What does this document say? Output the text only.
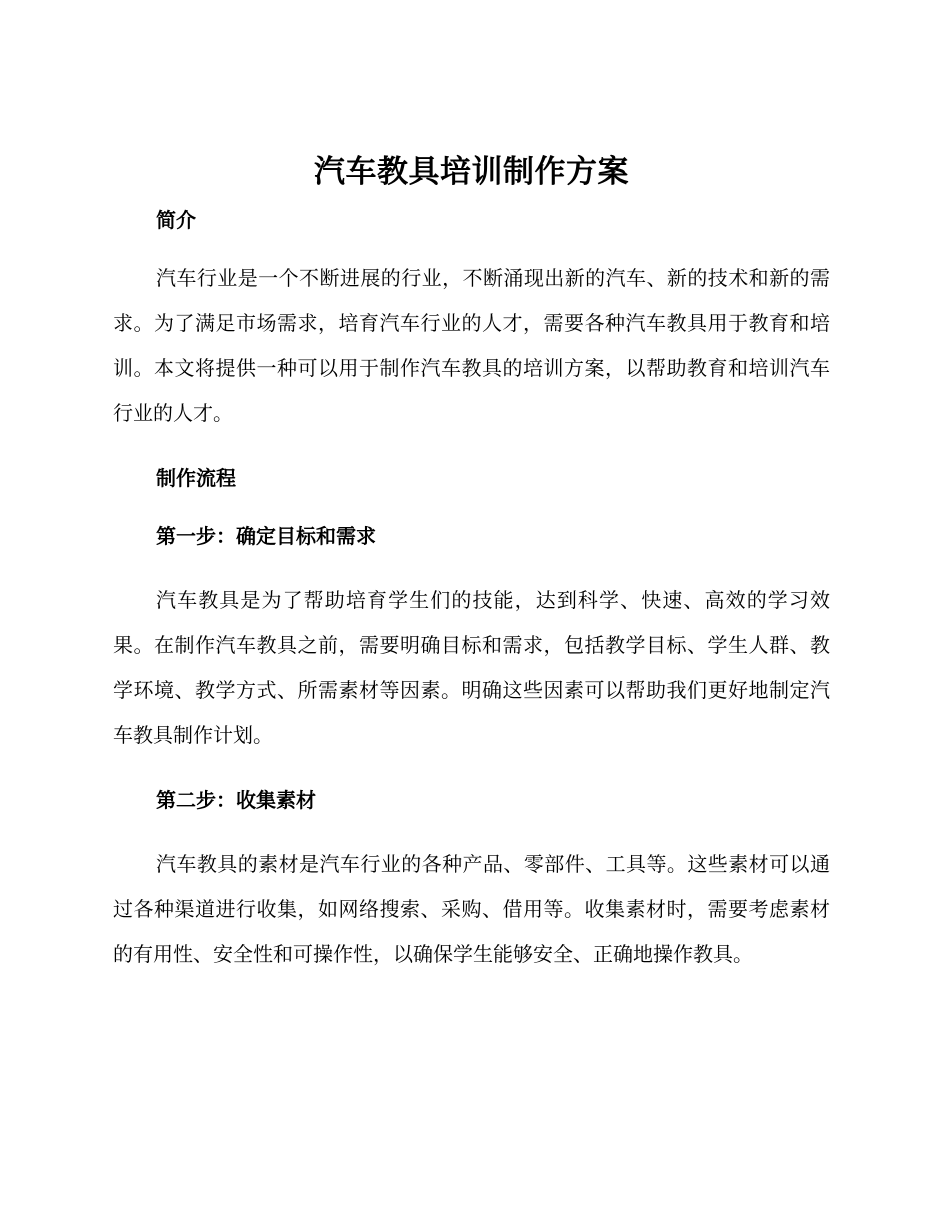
汽车教具培训制作方案
简介

汽车行业是一个不断进展的行业，不断涌现出新的汽车、新的技术和新的需求。为了满足市场需求，培育汽车行业的人才，需要各种汽车教具用于教育和培训。本文将提供一种可以用于制作汽车教具的培训方案，以帮助教育和培训汽车行业的人才。

制作流程
第一步：确定目标和需求

汽车教具是为了帮助培育学生们的技能，达到科学、快速、高效的学习效果。在制作汽车教具之前，需要明确目标和需求，包括教学目标、学生人群、教学环境、教学方式、所需素材等因素。明确这些因素可以帮助我们更好地制定汽车教具制作计划。

第二步：收集素材

汽车教具的素材是汽车行业的各种产品、零部件、工具等。这些素材可以通过各种渠道进行收集，如网络搜索、采购、借用等。收集素材时，需要考虑素材的有用性、安全性和可操作性，以确保学生能够安全、正确地操作教具。
